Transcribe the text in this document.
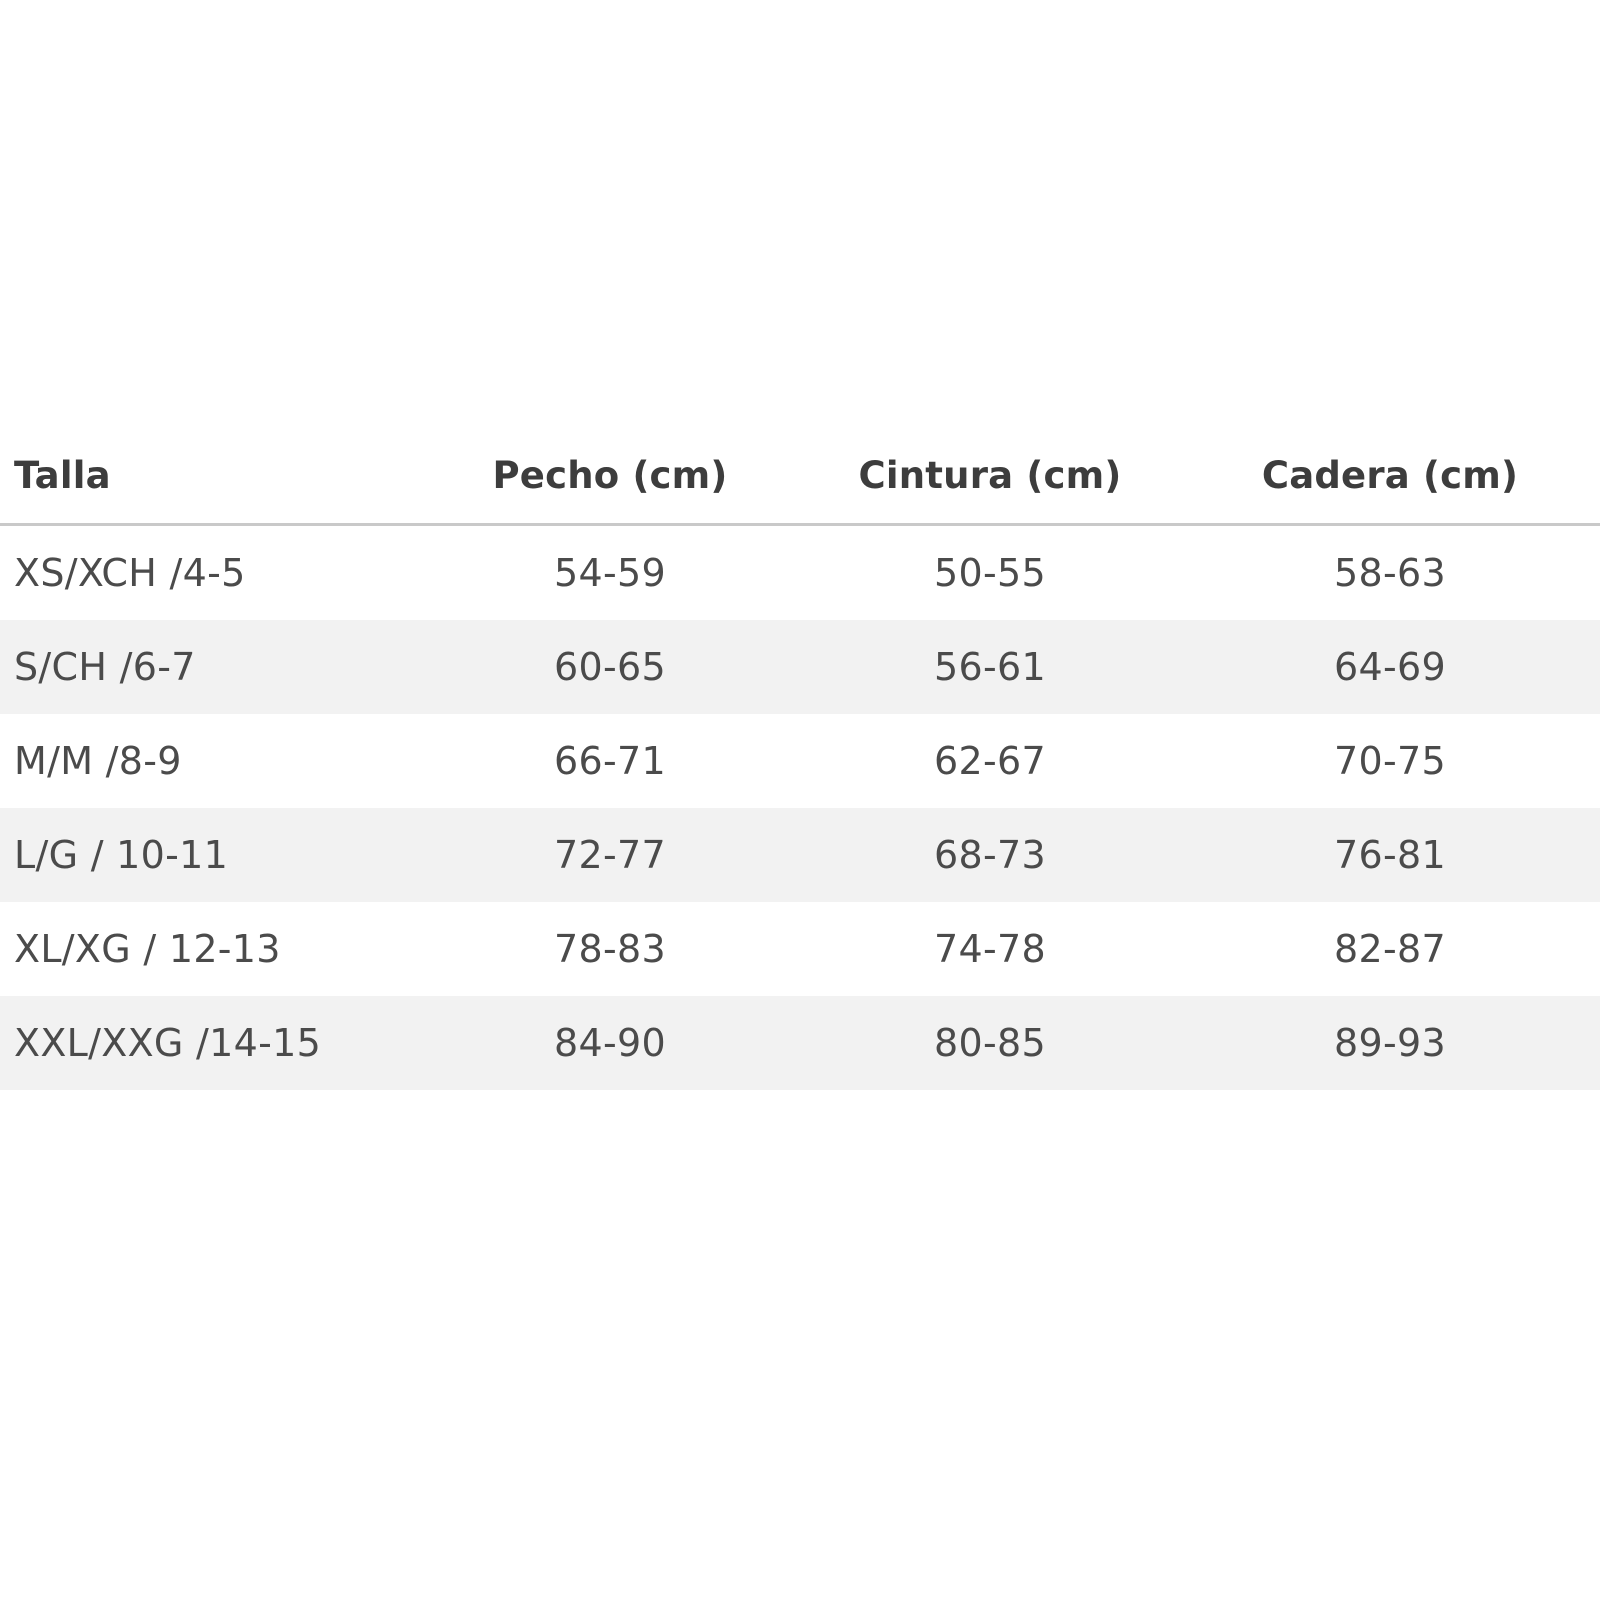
Talla	Pecho (cm)	Cintura (cm)	Cadera (cm)
XS/XCH /4-5	54-59	50-55	58-63
S/CH /6-7	60-65	56-61	64-69
M/M /8-9	66-71	62-67	70-75
L/G / 10-11	72-77	68-73	76-81
XL/XG / 12-13	78-83	74-78	82-87
XXL/XXG /14-15	84-90	80-85	89-93
